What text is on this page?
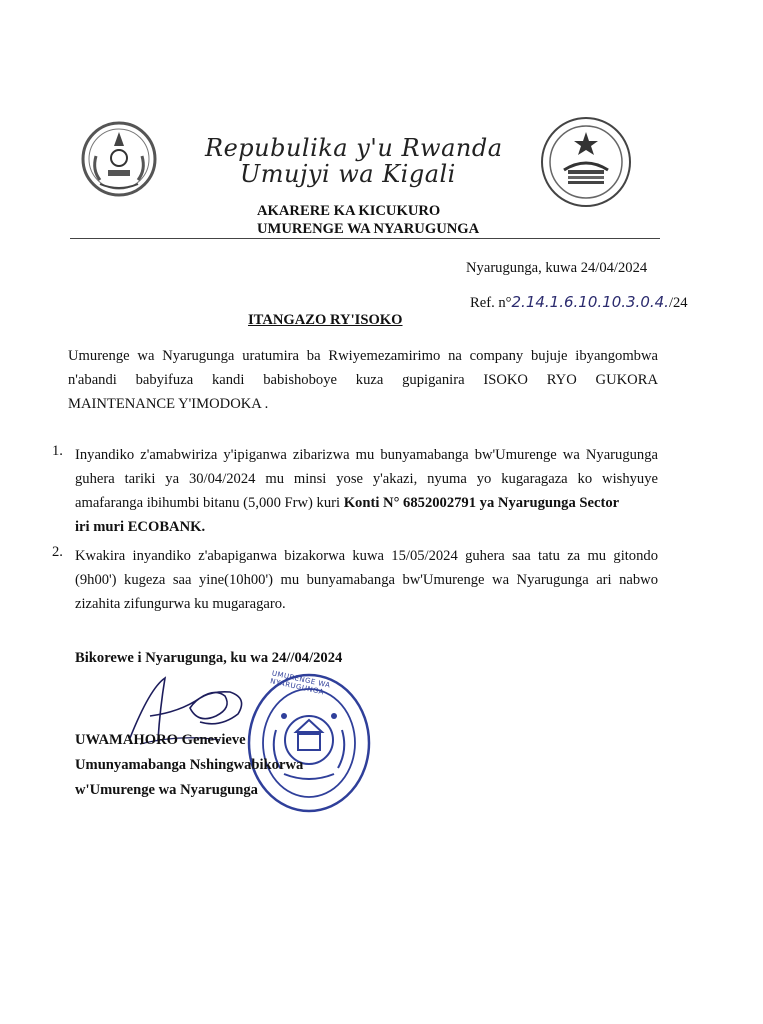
Repubulika y'u Rwanda
Umujyi wa Kigali
AKARERE KA KICUKURO
UMURENGE WA NYARUGUNGA
Nyarugunga, kuwa 24/04/2024
Ref. n°2.14.1.6.10.10.3.0.4./24
ITANGAZO RY'ISOKO
Umurenge wa Nyarugunga uratumira ba Rwiyemezamirimo na company bujuje ibyangombwa
n'abandi babyifuza kandi babishoboye kuza gupiganira ISOKO RYO GUKORA
MAINTENANCE Y'IMODOKA .
1. Inyandiko z'amabwiriza y'ipiganwa zibarizwa mu bunyamabanga bw'Umurenge wa Nyarugunga
guhera tariki ya 30/04/2024 mu minsi yose y'akazi, nyuma yo kugaragaza ko wishyuye
amafaranga ibihumbi bitanu (5,000 Frw) kuri Konti N° 6852002791 ya Nyarugunga Sector
iri muri ECOBANK.
2. Kwakira inyandiko z'abapiganwa bizakorwa kuwa 15/05/2024 guhera saa tatu za mu gitondo
(9h00') kugeza saa yine(10h00') mu bunyamabanga bw'Umurenge wa Nyarugunga ari nabwo
zizahita zifungurwa ku mugaragaro.
Bikorewe i Nyarugunga, ku wa 24//04/2024
UMURENGE WA NYARUGUNGA
UWAMAHORO Genevieve
Umunyamabanga Nshingwabikorwa
w'Umurenge wa Nyarugunga
